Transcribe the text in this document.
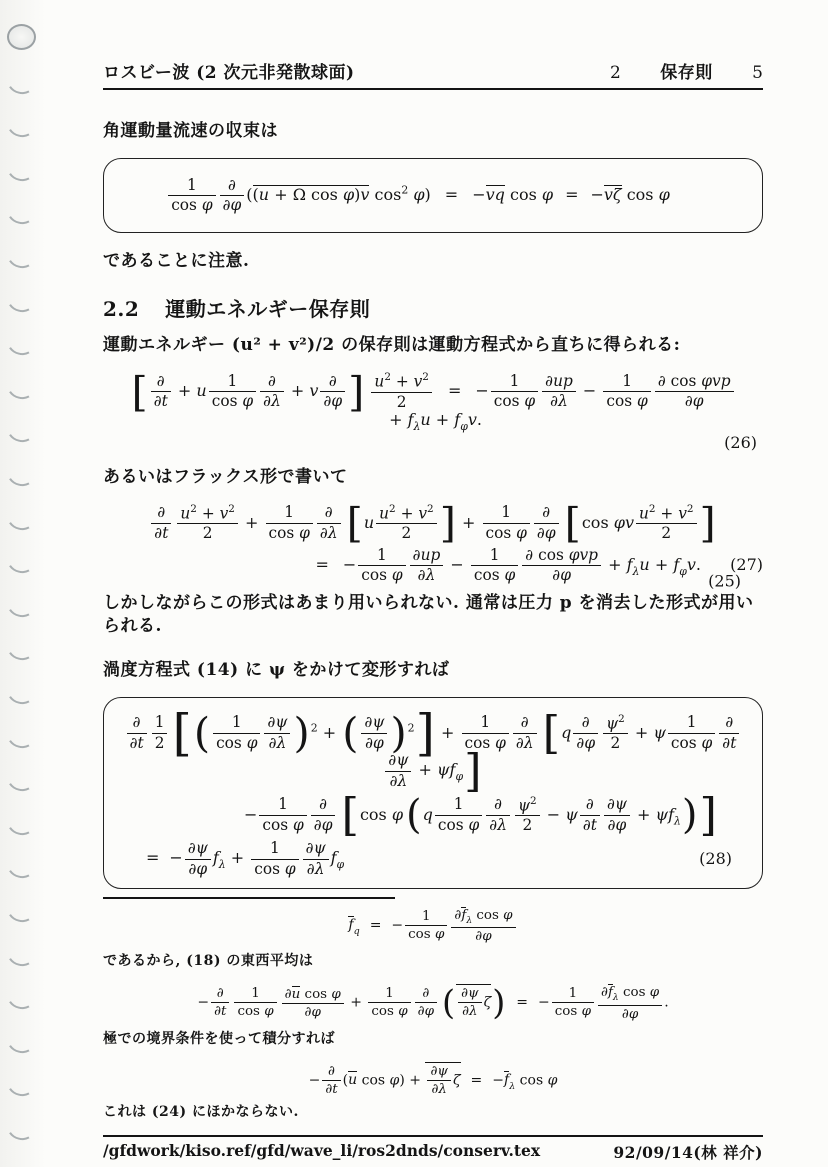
ロスビー波 (2 次元非発散球面)	2 保存則 5

角運動量流速の収束は

$\frac{1}{\text{cos φ}} \frac{\partial}{\partial\varphi} ((u + \Omega$ cos φ)v $\cos^2 \varphi) = -vq$ cos φ = −vζ cos φ
(25)

であることに注意.

2.2 運動エネルギー保存則

運動エネルギー (u² + v²)/2 の保存則は運動方程式から直ちに得られる:

[ $\frac{\partial}{\partial t} + u \frac{1}{\text{cos φ}} \frac{\partial}{\partial\lambda} + v \frac{\partial}{\partial\varphi}$ ] $\frac{u^2 + v^2}{2}$ = − $\frac{1}{\text{cos φ}} \frac{\partial up}{\partial\lambda} - \frac{1}{\text{cos φ}} \frac{\text{∂ cos φvp}}{\partial\varphi}$
+ $f_\lambda u + f_\varphi v$.
(26)

あるいはフラックス形で書いて

$\frac{\partial}{\partial t} \frac{u^2 + v^2}{2} + \frac{1}{\text{cos φ}} \frac{\partial}{\partial\lambda} [u \frac{u^2 + v^2}{2}$ ] + $\frac{1}{\text{cos φ}} \frac{\partial}{\partial\varphi} [\cos$ φv $\frac{u^2 + v^2}{2}$ ]
(27)
= − $\frac{1}{\text{cos φ}} \frac{\partial up}{\partial\lambda} - \frac{1}{\text{cos φ}} \frac{\text{∂ cos φvp}}{\partial\varphi} + f_\lambda u + f_\varphi v$.

しかしながらこの形式はあまり用いられない. 通常は圧力 p を消去した形式が用いられる.

渦度方程式 (14) に ψ をかけて変形すれば

$\frac{\partial}{\partial t} \frac{1}{2}$ [( $\frac{1}{\text{cos φ}} \frac{\partial\psi}{\partial\lambda} )^2$ + ( $\frac{\partial\psi}{\partial\varphi} )^2] + \frac{1}{\text{cos φ}} \frac{\partial}{\partial\lambda} [q \frac{\partial}{\partial\varphi} \frac{\psi^2}{2} + \psi \frac{1}{\text{cos φ}} \frac{\partial}{\partial t}$
$\frac{\partial\psi}{\partial\lambda} + \psi f_\varphi$]
− $\frac{1}{\text{cos φ}} \frac{\partial}{\partial\varphi} [\cos$ $\varphi(q \frac{1}{\text{cos φ}} \frac{\partial}{\partial\lambda} \frac{\psi^2}{2} - \psi \frac{\partial}{\partial t} \frac{\partial\psi}{\partial\varphi} + \psi f_\lambda)$]
(28)
= − $\frac{\partial\psi}{\partial\varphi} f_\lambda + \frac{1}{\text{cos φ}} \frac{\partial\psi}{\partial\lambda} f_\varphi$
$f_q$ = − $\frac{1}{\text{cos φ}} \frac{\partial f_\lambda \cos \varphi}{\partial\varphi}$

であるから, (18) の東西平均は

− $\frac{\partial}{\partial t} \frac{1}{\text{cos φ}} \frac{\text{∂u cos φ}}{\partial\varphi} + \frac{1}{\text{cos φ}} \frac{\partial}{\partial\varphi}$ ( $\frac{\partial\psi}{\partial\lambda} \zeta$) = − $\frac{1}{\text{cos φ}} \frac{\partial f_\lambda \cos \varphi}{\partial\varphi}$ .

極での境界条件を使って積分すれば

− $\frac{\partial}{\partial t} (u$ $\cos \varphi) + \frac{\partial\psi}{\partial\lambda}$ $\zeta = -f_\lambda$ cos φ

これは (24) にほかならない.

/gfdwork/kiso.ref/gfd/wave_li/ros2dnds/conserv.tex	92/09/14(林 祥介)
